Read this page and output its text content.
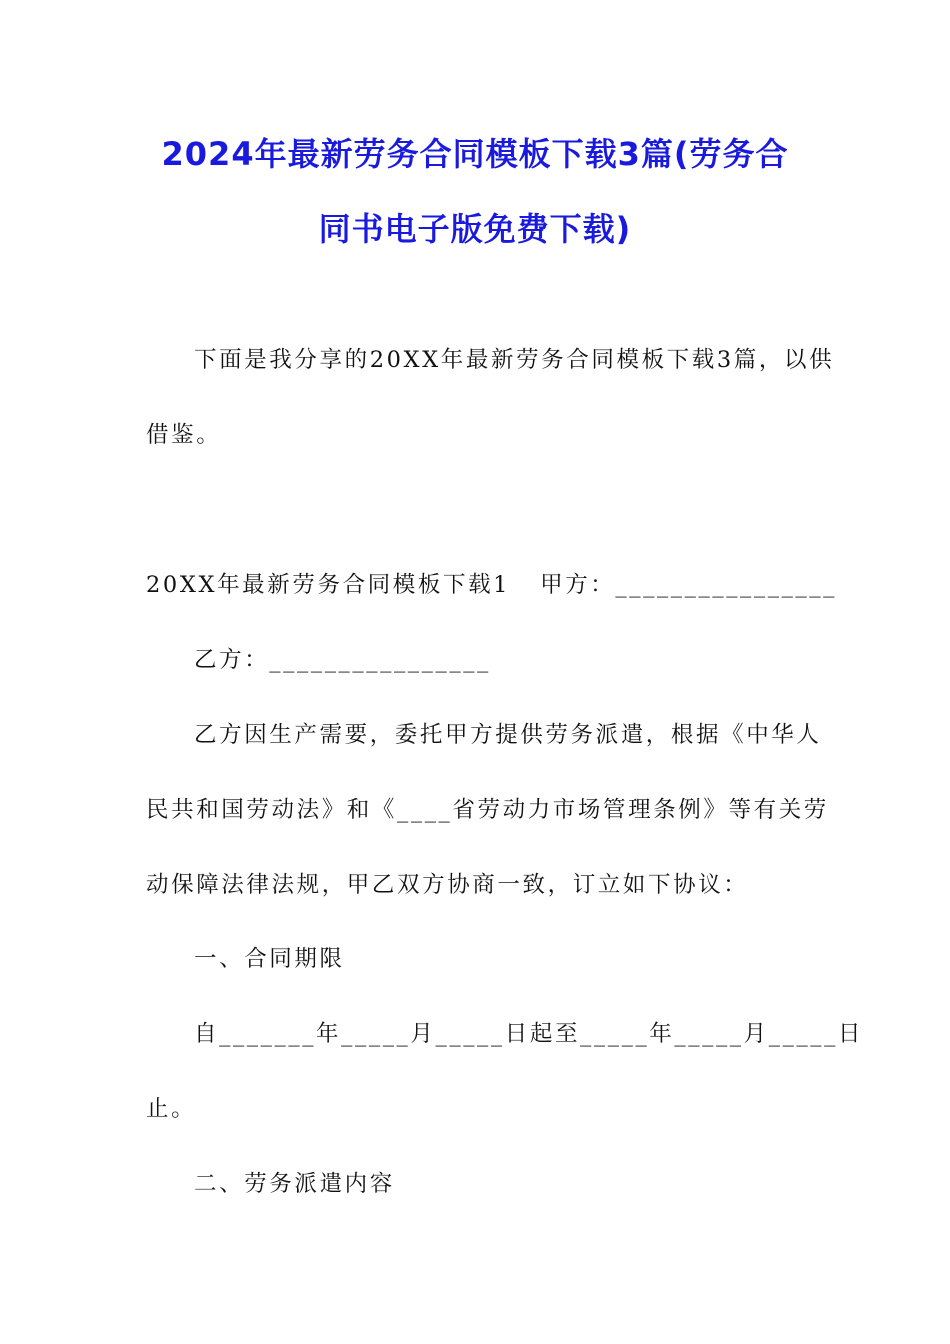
2024年最新劳务合同模板下载3篇(劳务合
同书电子版免费下载)
下面是我分享的20XX年最新劳务合同模板下载3篇，以供
借鉴。
20XX年最新劳务合同模板下载1 甲方：________________
乙方：________________
乙方因生产需要，委托甲方提供劳务派遣，根据《中华人
民共和国劳动法》和《____省劳动力市场管理条例》等有关劳
动保障法律法规，甲乙双方协商一致，订立如下协议：
一、合同期限
自_______年_____月_____日起至_____年_____月_____日
止。
二、劳务派遣内容
